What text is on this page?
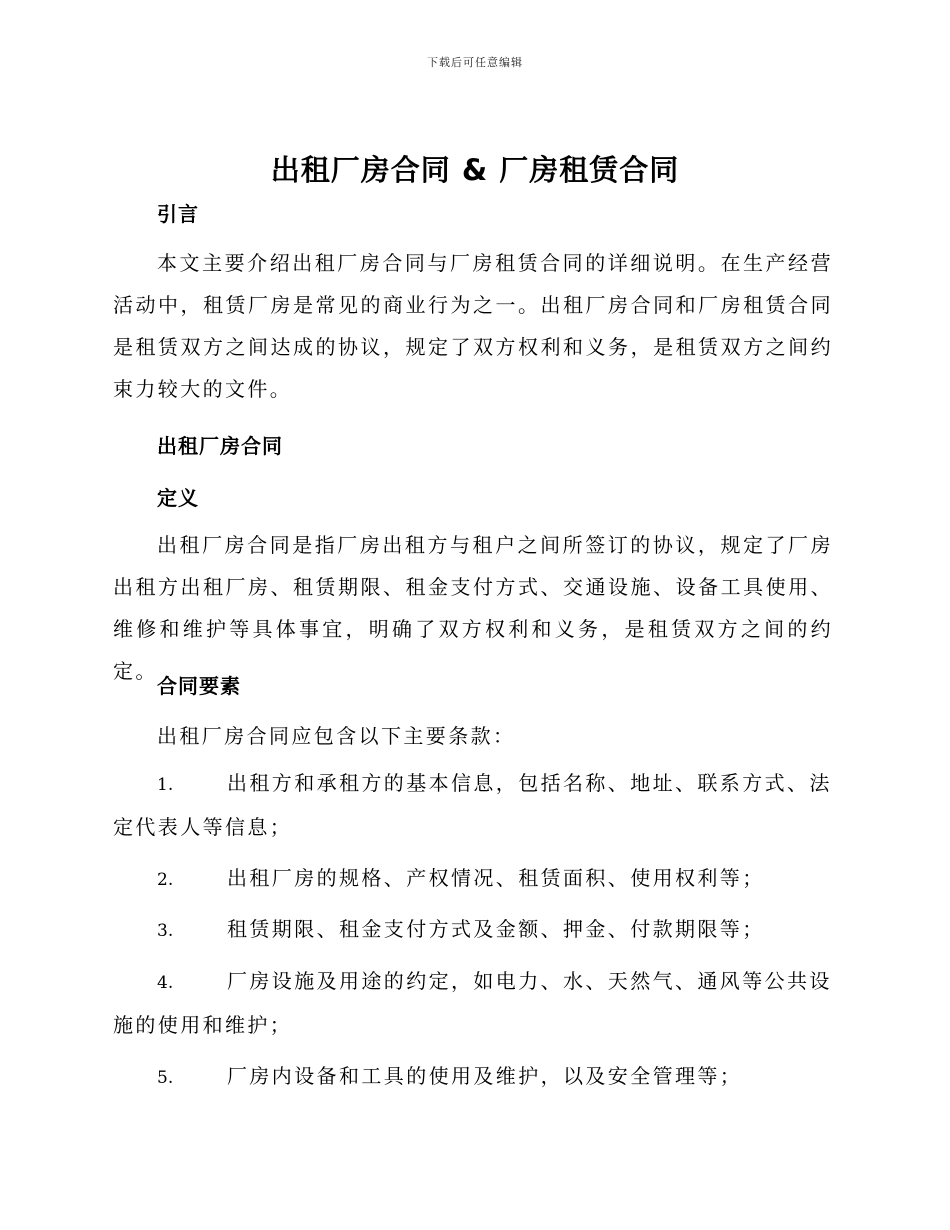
下载后可任意编辑
出租厂房合同 & 厂房租赁合同
引言
本文主要介绍出租厂房合同与厂房租赁合同的详细说明。在生产经营活动中，租赁厂房是常见的商业行为之一。出租厂房合同和厂房租赁合同是租赁双方之间达成的协议，规定了双方权利和义务，是租赁双方之间约束力较大的文件。
出租厂房合同
定义
出租厂房合同是指厂房出租方与租户之间所签订的协议，规定了厂房出租方出租厂房、租赁期限、租金支付方式、交通设施、设备工具使用、维修和维护等具体事宜，明确了双方权利和义务，是租赁双方之间的约定。
合同要素
出租厂房合同应包含以下主要条款：
1.	出租方和承租方的基本信息，包括名称、地址、联系方式、法定代表人等信息；
2.	出租厂房的规格、产权情况、租赁面积、使用权利等；
3.	租赁期限、租金支付方式及金额、押金、付款期限等；
4.	厂房设施及用途的约定，如电力、水、天然气、通风等公共设施的使用和维护；
5.	厂房内设备和工具的使用及维护，以及安全管理等；
